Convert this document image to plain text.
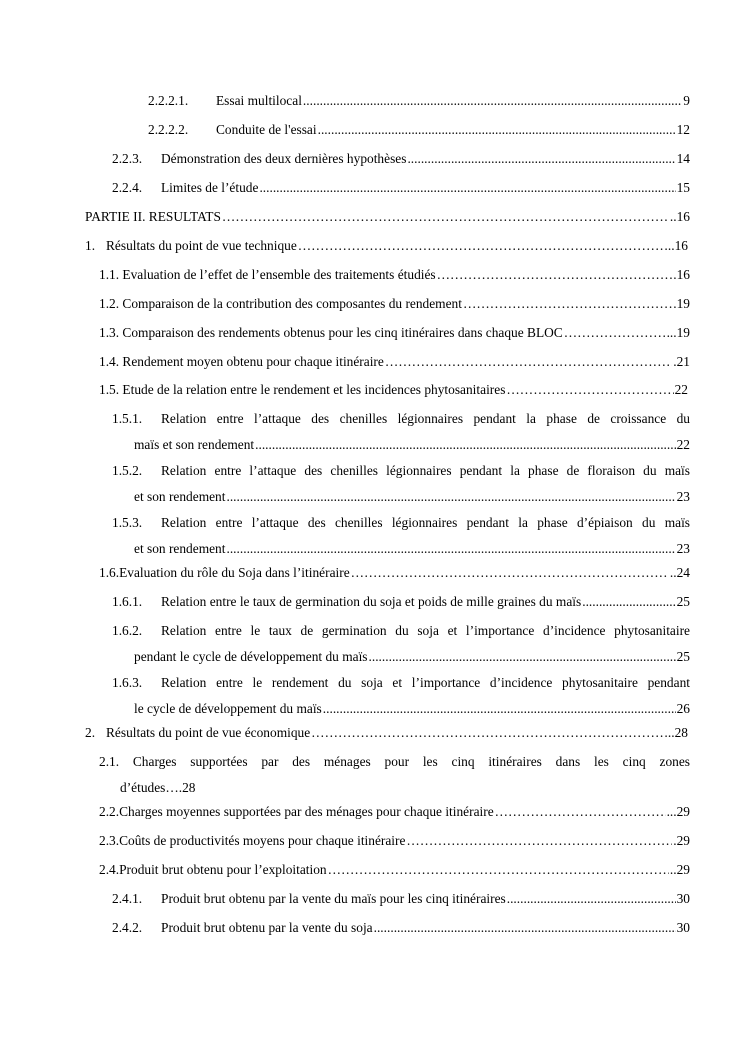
2.2.2.1.	Essai multilocal .....	9
2.2.2.2.	Conduite de l'essai .....	12
2.2.3.	Démonstration des deux dernières hypothèses .....	14
2.2.4.	Limites de l’étude .....	15
PARTIE II. RESULTATS ……………………………………………………………………………………………………………………………………………………………………………………………………………………………………	..16
1. Résultats du point de vue technique ……………………………………………………………………………………………………………………………………………………………………………………………………………………………………	..16
1.1. Evaluation de l’effet de l’ensemble des traitements étudiés ……………………………………………………………………………………………………………………………………………………………………………………………………………………………………	.16
1.2. Comparaison de la contribution des composantes du rendement ……………………………………………………………………………………………………………………………………………………………………………………………………………………………………	.19
1.3. Comparaison des rendements obtenus pour les cinq itinéraires dans chaque BLOC ……………………………………………………………………………………………………………………………………………………………………………………………………………………………………	...19
1.4. Rendement moyen obtenu pour chaque itinéraire ……………………………………………………………………………………………………………………………………………………………………………………………………………………………………	.21
1.5. Etude de la relation entre le rendement et les incidences phytosanitaires ……………………………………………………………………………………………………………………………………………………………………………………………………………………………………	22
1.5.1. Relation entre l’attaque des chenilles légionnaires pendant la phase de croissance du
maïs et son rendement .....	22
1.5.2. Relation entre l’attaque des chenilles légionnaires pendant la phase de floraison du maïs
et son rendement .....	23
1.5.3. Relation entre l’attaque des chenilles légionnaires pendant la phase d’épiaison du maïs
et son rendement .....	23
1.6.Evaluation du rôle du Soja dans l’itinéraire ……………………………………………………………………………………………………………………………………………………………………………………………………………………………………	..24
1.6.1.	Relation entre le taux de germination du soja et poids de mille graines du maïs .....	25
1.6.2. Relation entre le taux de germination du soja et l’importance d’incidence phytosanitaire
pendant le cycle de développement du maïs .....	25
1.6.3. Relation entre le rendement du soja et l’importance d’incidence phytosanitaire pendant
le cycle de développement du maïs .....	26
2. Résultats du point de vue économique ……………………………………………………………………………………………………………………………………………………………………………………………………………………………………	..28
2.1. Charges supportées par des ménages pour les cinq itinéraires dans les cinq zones
d’études….28
2.2.Charges moyennes supportées par des ménages pour chaque itinéraire ……………………………………………………………………………………………………………………………………………………………………………………………………………………………………	...29
2.3.Coûts de productivités moyens pour chaque itinéraire ……………………………………………………………………………………………………………………………………………………………………………………………………………………………………	.29
2.4.Produit brut obtenu pour l’exploitation ……………………………………………………………………………………………………………………………………………………………………………………………………………………………………	..29
2.4.1.	Produit brut obtenu par la vente du maïs pour les cinq itinéraires .....	30
2.4.2.	Produit brut obtenu par la vente du soja .....	30
